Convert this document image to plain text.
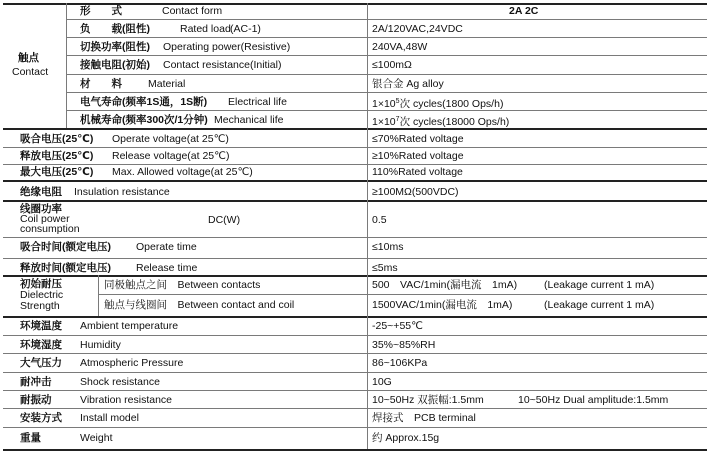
触点
Contact
形　　式	Contact form	2A 2C
负　　载(阻性)	Rated load (AC-1)	2A/120VAC,24VDC
切换功率(阻性) Operating power(Resistive)	240VA,48W
接触电阻(初始) Contact resistance(Initial)	≤100mΩ
材　　料 Material	银合金 Ag alloy
电气寿命(频率1S通，1S断) Electrical life	$1\times 10^5$次 cycles(1800 Ops/h)
机械寿命(频率300次/1分钟) Mechanical life	$1\times 10^7$次 cycles(18000 Ops/h)
吸合电压(25℃) Operate voltage(at 25℃)	≤70%Rated voltage
释放电压(25℃) Release voltage(at 25℃)	≥10%Rated voltage
最大电压(25℃) Max. Allowed voltage(at 25℃)	110%Rated voltage
绝缘电阻 Insulation resistance	≥100MΩ(500VDC)
线圈功率
Coil power
consumption
DC(W)	0.5
吸合时间(额定电压) Operate time	≤10ms
释放时间(额定电压) Release time	≤5ms
初始耐压
Dielectric
Strength
同极触点之间　Between contacts	500　VAC/1min(漏电流　1mA)	(Leakage current 1 mA)
触点与线圈间　Between contact and coil	1500VAC/1min(漏电流　1mA)	(Leakage current 1 mA)
环境温度 Ambient temperature	-25~+55℃
环境湿度 Humidity	35%~85%RH
大气压力 Atmospheric Pressure	86~106KPa
耐冲击	Shock resistance	10G
耐振动	Vibration resistance	10~50Hz 双振幅:1.5mm	10~50Hz Dual amplitude:1.5mm
安装方式 Install model	焊接式　PCB terminal
重量	Weight	约 Approx.15g
